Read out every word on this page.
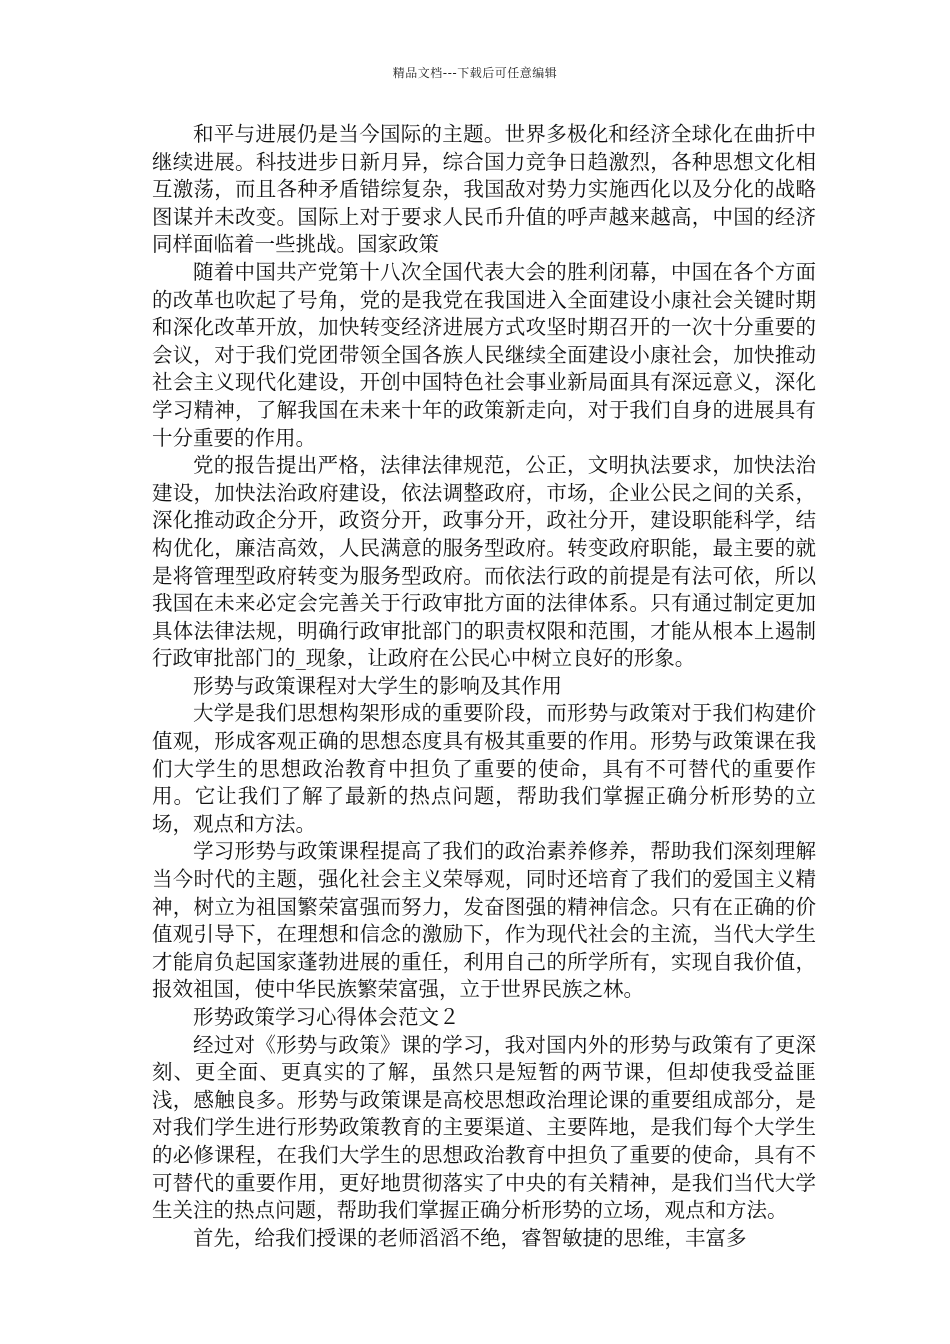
精品文档---下载后可任意编辑

和平与进展仍是当今国际的主题。世界多极化和经济全球化在曲折中继续进展。科技进步日新月异，综合国力竞争日趋激烈，各种思想文化相互激荡，而且各种矛盾错综复杂，我国敌对势力实施西化以及分化的战略图谋并未改变。国际上对于要求人民币升值的呼声越来越高，中国的经济同样面临着一些挑战。国家政策

随着中国共产党第十八次全国代表大会的胜利闭幕，中国在各个方面的改革也吹起了号角，党的是我党在我国进入全面建设小康社会关键时期和深化改革开放，加快转变经济进展方式攻坚时期召开的一次十分重要的会议，对于我们党团带领全国各族人民继续全面建设小康社会，加快推动社会主义现代化建设，开创中国特色社会事业新局面具有深远意义，深化学习精神，了解我国在未来十年的政策新走向，对于我们自身的进展具有十分重要的作用。

党的报告提出严格，法律法律规范，公正，文明执法要求，加快法治建设，加快法治政府建设，依法调整政府，市场，企业公民之间的关系，深化推动政企分开，政资分开，政事分开，政社分开，建设职能科学，结构优化，廉洁高效，人民满意的服务型政府。转变政府职能，最主要的就是将管理型政府转变为服务型政府。而依法行政的前提是有法可依，所以我国在未来必定会完善关于行政审批方面的法律体系。只有通过制定更加具体法律法规，明确行政审批部门的职责权限和范围，才能从根本上遏制行政审批部门的_现象，让政府在公民心中树立良好的形象。

形势与政策课程对大学生的影响及其作用

大学是我们思想构架形成的重要阶段，而形势与政策对于我们构建价值观，形成客观正确的思想态度具有极其重要的作用。形势与政策课在我们大学生的思想政治教育中担负了重要的使命，具有不可替代的重要作用。它让我们了解了最新的热点问题，帮助我们掌握正确分析形势的立场，观点和方法。

学习形势与政策课程提高了我们的政治素养修养，帮助我们深刻理解当今时代的主题，强化社会主义荣辱观，同时还培育了我们的爱国主义精神，树立为祖国繁荣富强而努力，发奋图强的精神信念。只有在正确的价值观引导下，在理想和信念的激励下，作为现代社会的主流，当代大学生才能肩负起国家蓬勃进展的重任，利用自己的所学所有，实现自我价值，报效祖国，使中华民族繁荣富强，立于世界民族之林。

形势政策学习心得体会范文２

经过对《形势与政策》课的学习，我对国内外的形势与政策有了更深刻、更全面、更真实的了解，虽然只是短暂的两节课，但却使我受益匪浅，感触良多。形势与政策课是高校思想政治理论课的重要组成部分，是对我们学生进行形势政策教育的主要渠道、主要阵地，是我们每个大学生的必修课程，在我们大学生的思想政治教育中担负了重要的使命，具有不可替代的重要作用，更好地贯彻落实了中央的有关精神，是我们当代大学生关注的热点问题，帮助我们掌握正确分析形势的立场，观点和方法。

首先，给我们授课的老师滔滔不绝，睿智敏捷的思维，丰富多
